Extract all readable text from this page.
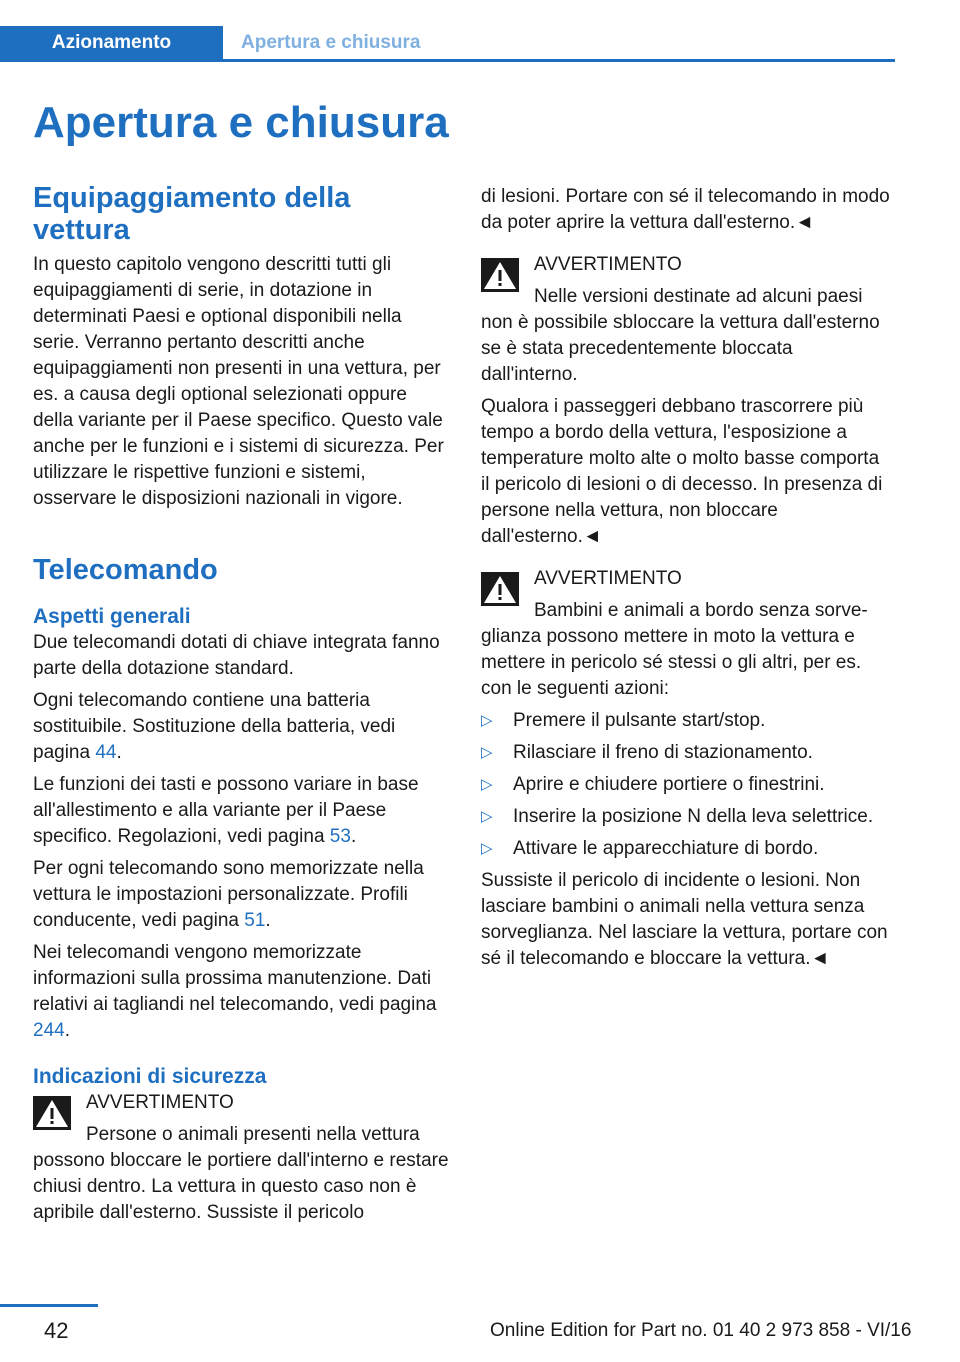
Azionamento	Apertura e chiusura
Apertura e chiusura
Equipaggiamento della vettura

In questo capitolo vengono descritti tutti gli equipaggiamenti di serie, in dotazione in determinati Paesi e optional disponibili nella serie. Verranno pertanto descritti anche equipaggiamenti non presenti in una vettura, per es. a causa degli optional selezionati oppure della variante per il Paese specifico. Questo vale anche per le funzioni e i sistemi di sicurezza. Per utilizzare le rispettive funzioni e sistemi, osservare le disposizioni nazionali in vigore.

Telecomando
Aspetti generali

Due telecomandi dotati di chiave integrata fanno parte della dotazione standard.

Ogni telecomando contiene una batteria sostituibile. Sostituzione della batteria, vedi pagina 44.

Le funzioni dei tasti e possono variare in base all'allestimento e alla variante per il Paese specifico. Regolazioni, vedi pagina 53.

Per ogni telecomando sono memorizzate nella vettura le impostazioni personalizzate. Profili conducente, vedi pagina 51.

Nei telecomandi vengono memorizzate informazioni sulla prossima manutenzione. Dati relativi ai tagliandi nel telecomando, vedi pagina 244.

Indicazioni di sicurezza
AVVERTIMENTO
Persone o animali presenti nella vettura
possono bloccare le portiere dall'interno e restare chiusi dentro. La vettura in questo caso non è apribile dall'esterno. Sussiste il pericolo

di lesioni. Portare con sé il telecomando in modo da poter aprire la vettura dall'esterno.◄

AVVERTIMENTO
Nelle versioni destinate ad alcuni paesi

non è possibile sbloccare la vettura dall'esterno se è stata precedentemente bloccata dall'interno.

Qualora i passeggeri debbano trascorrere più tempo a bordo della vettura, l'esposizione a temperature molto alte o molto basse comporta il pericolo di lesioni o di decesso. In presenza di persone nella vettura, non bloccare dall'esterno.◄

AVVERTIMENTO
Bambini e animali a bordo senza sorve-

glianza possono mettere in moto la vettura e mettere in pericolo sé stessi o gli altri, per es. con le seguenti azioni:

▷ Premere il pulsante start/stop.
▷ Rilasciare il freno di stazionamento.
▷ Aprire e chiudere portiere o finestrini.
▷ Inserire la posizione N della leva selettrice.
▷ Attivare le apparecchiature di bordo.

Sussiste il pericolo di incidente o lesioni. Non lasciare bambini o animali nella vettura senza sorveglianza. Nel lasciare la vettura, portare con sé il telecomando e bloccare la vettura.◄

42	Online Edition for Part no. 01 40 2 973 858 - VI/16
